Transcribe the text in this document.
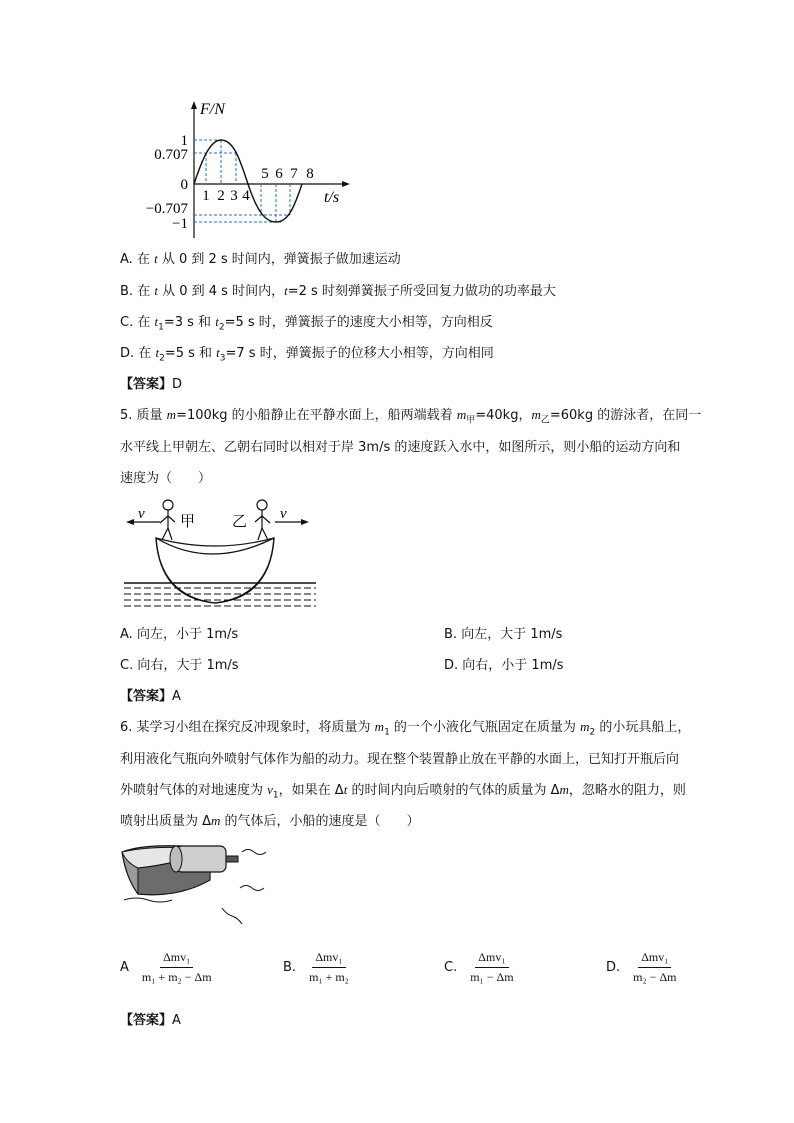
F/N
t/s
1
0.707
0
−0.707
−1
1 2 3 4
5 6 7 8
A. 在 t 从 0 到 2 s 时间内，弹簧振子做加速运动
B. 在 t 从 0 到 4 s 时间内，t=2 s 时刻弹簧振子所受回复力做功的功率最大
C. 在 $t_1=3$ s 和 $t_2=5$ s 时，弹簧振子的速度大小相等，方向相反
D. 在 $t_2=5$ s 和 $t_3=7$ s 时，弹簧振子的位移大小相等，方向相同
【答案】D
5. 质量 m=100kg 的小船静止在平静水面上，船两端载着 $m_甲=40kg$，$m_乙=60kg$ 的游泳者，在同一
水平线上甲朝左、乙朝右同时以相对于岸 3m/s 的速度跃入水中，如图所示，则小船的运动方向和
速度为（　　）
v	v
甲 乙
A. 向左，小于 1m/s	B. 向左，大于 1m/s
C. 向右，大于 1m/s	D. 向右，小于 1m/s
【答案】A
6. 某学习小组在探究反冲现象时，将质量为 $m_1$ 的一个小液化气瓶固定在质量为 $m_2$ 的小玩具船上，
利用液化气瓶向外喷射气体作为船的动力。现在整个装置静止放在平静的水面上，已知打开瓶后向
外喷射气体的对地速度为 $v_1$，如果在 Δt 的时间内向后喷射的气体的质量为 Δm，忽略水的阻力，则
喷射出质量为 Δm 的气体后，小船的速度是（　　）
A $\frac{\text{Δmv₁}}{\text{m₁ + m₂ − Δm}}$	B. $\frac{\text{Δmv₁}}{\text{m₁ + m₂}}$	C. $\frac{\text{Δmv₁}}{\text{m₁ − Δm}}$	D. $\frac{\text{Δmv₁}}{\text{m₂ − Δm}}$
【答案】A
